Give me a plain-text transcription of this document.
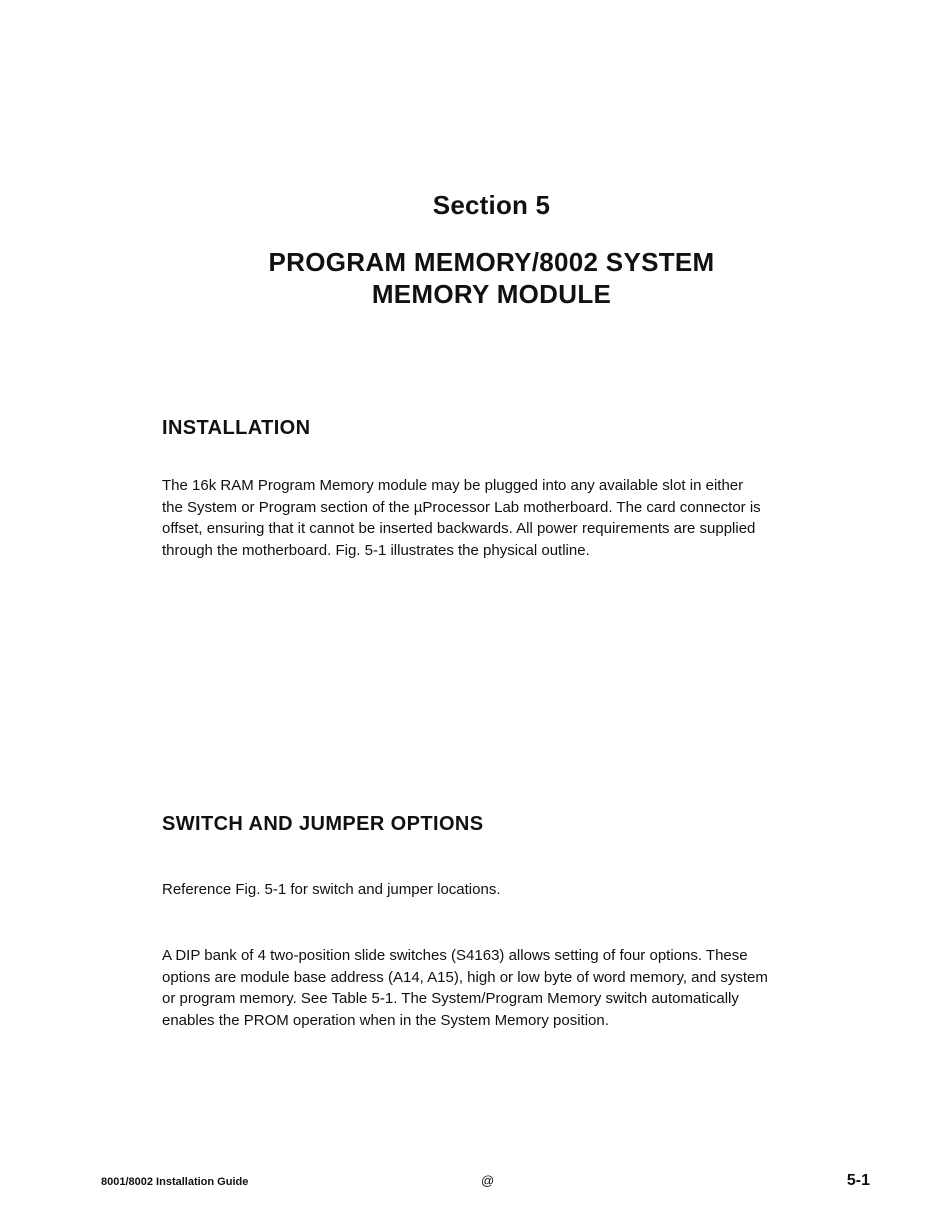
Section 5
PROGRAM MEMORY/8002 SYSTEM
MEMORY MODULE
INSTALLATION
The 16k RAM Program Memory module may be plugged into any available slot in either
the System or Program section of the µProcessor Lab motherboard. The card connector is
offset, ensuring that it cannot be inserted backwards. All power requirements are supplied
through the motherboard. Fig. 5-1 illustrates the physical outline.
SWITCH AND JUMPER OPTIONS
Reference Fig. 5-1 for switch and jumper locations.
A DIP bank of 4 two-position slide switches (S4163) allows setting of four options. These
options are module base address (A14, A15), high or low byte of word memory, and system
or program memory. See Table 5-1. The System/Program Memory switch automatically
enables the PROM operation when in the System Memory position.
8001/8002 Installation Guide	@	5-1
